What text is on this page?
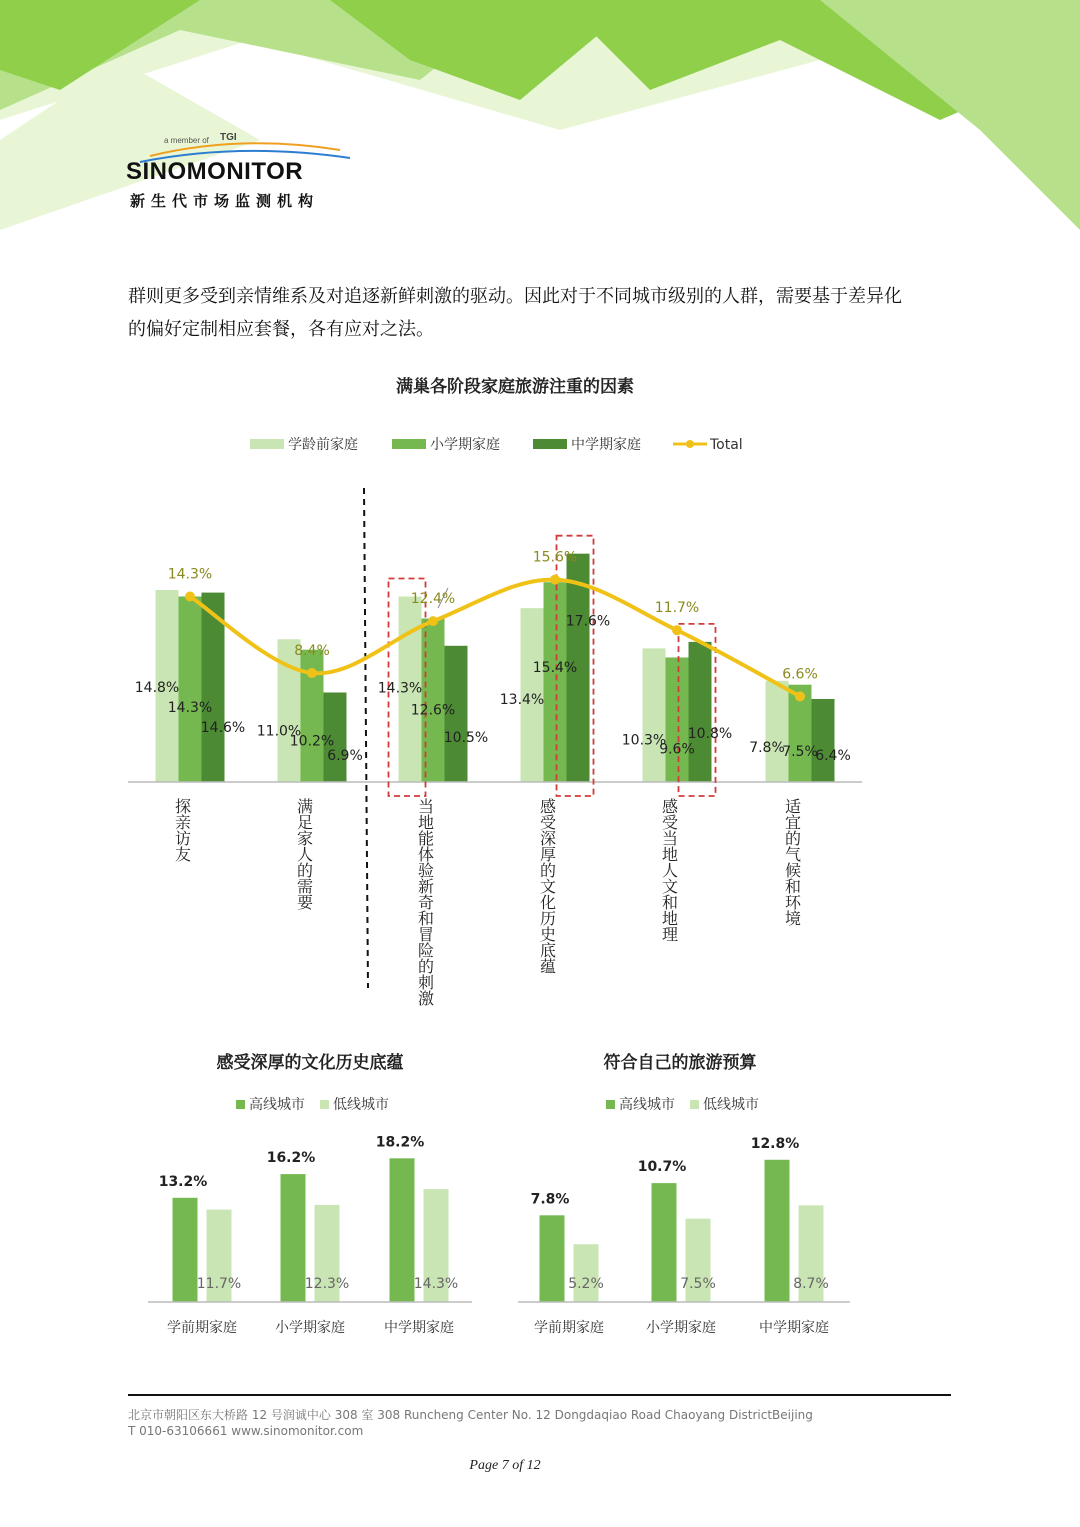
a member of TGI
SINOMONITOR
新生代市场监测机构

群则更多受到亲情维系及对追逐新鲜刺激的驱动。因此对于不同城市级别的人群，需要基于差异化

的偏好定制相应套餐，各有应对之法。

满巢各阶段家庭旅游注重的因素
学龄前家庭	小学期家庭	中学期家庭	Total
14.3%
8.4%
12.4%
15.6%
11.7%
6.6%
14.8%
14.3%
14.6% 11.0%
10.2%
6.9%
14.3%
12.6%
10.5%
13.4%
15.4%
17.6%
10.3%
9.6%
10.8%
7.8%
7.5%
6.4%
探亲访友	满足家人的需要	当地能体验新奇和冒险的刺激	感受深厚的文化历史底蕴	感受当地人文和地理	适宜的气候和环境
感受深厚的文化历史底蕴
高线城市 低线城市
13.2%
11.7%
学前期家庭
16.2%
12.3%
小学期家庭
18.2%
14.3%
中学期家庭
符合自己的旅游预算
高线城市 低线城市
7.8%
5.2%
学前期家庭
10.7%
7.5%
小学期家庭
12.8%
8.7%
中学期家庭
北京市朝阳区东大桥路 12 号润诚中心 308 室 308 Runcheng Center No. 12 Dongdaqiao Road Chaoyang DistrictBeijing
T 010-63106661 www.sinomonitor.com
Page 7 of 12
